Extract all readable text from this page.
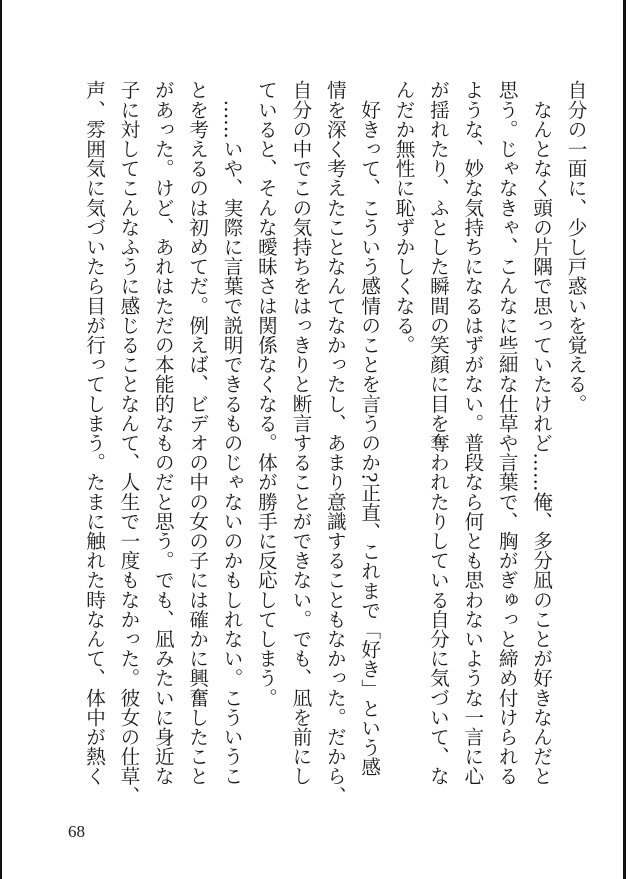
自分の一面に、少し戸惑いを覚える。
　なんとなく頭の片隅で思っていたけれど……俺、多分凪のことが好きなんだと
思う。じゃなきゃ、こんなに些細な仕草や言葉で、胸がぎゅっと締め付けられる
ような、妙な気持ちになるはずがない。普段なら何とも思わないような一言に心
が揺れたり、ふとした瞬間の笑顔に目を奪われたりしている自分に気づいて、な
んだか無性に恥ずかしくなる。
　好きって、こういう感情のことを言うのか?正直、これまで「好き」という感
情を深く考えたことなんてなかったし、あまり意識することもなかった。だから、
自分の中でこの気持ちをはっきりと断言することができない。でも、凪を前にし
ていると、そんな曖昧さは関係なくなる。体が勝手に反応してしまう。
　……いや、実際に言葉で説明できるものじゃないのかもしれない。こういうこ
とを考えるのは初めてだ。例えば、ビデオの中の女の子には確かに興奮したこと
があった。けど、あれはただの本能的なものだと思う。でも、凪みたいに身近な
子に対してこんなふうに感じることなんて、人生で一度もなかった。彼女の仕草、
声、雰囲気に気づいたら目が行ってしまう。たまに触れた時なんて、体中が熱く
68
